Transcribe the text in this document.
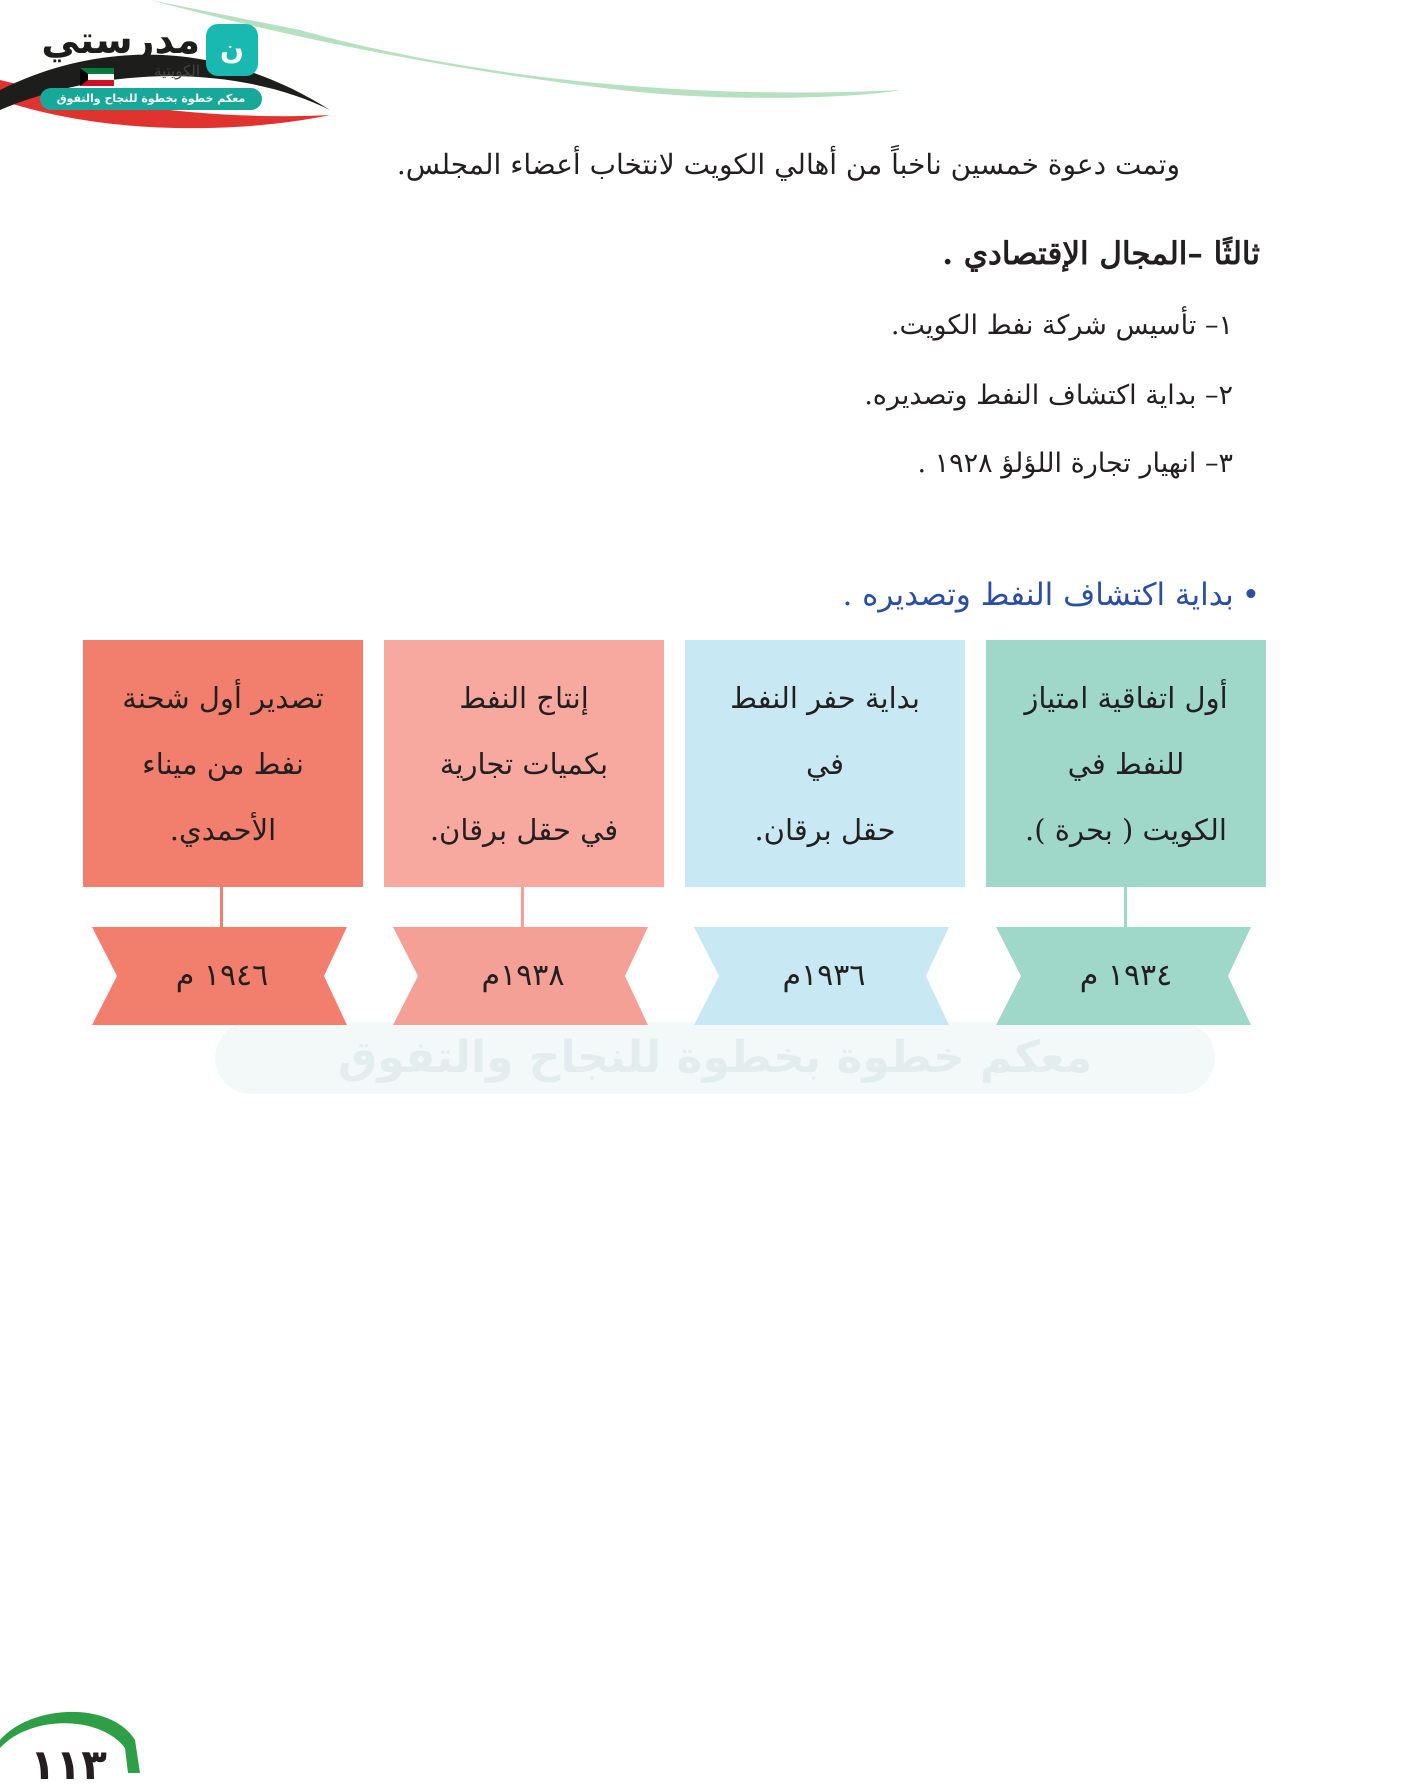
ن
مدرستي
الكويتية
معكم خطوة بخطوة للنجاح والتفوق
وتمت دعوة خمسين ناخباً من أهالي الكويت لانتخاب أعضاء المجلس.
ثالثًا –المجال الإقتصادي .
١– تأسيس شركة نفط الكويت.
٢– بداية اكتشاف النفط وتصديره.
٣– انهيار تجارة اللؤلؤ ١٩٢٨ .
•بداية اكتشاف النفط وتصديره .
معكم خطوة بخطوة للنجاح والتفوق
أول اتفاقية امتياز
للنفط في
الكويت ( بحرة ).
١٩٣٤ م
بداية حفر النفط
في
حقل برقان.
١٩٣٦م
إنتاج النفط
بكميات تجارية
في حقل برقان.
١٩٣٨م
تصدير أول شحنة
نفط من ميناء
الأحمدي.
١٩٤٦ م
١١٣
